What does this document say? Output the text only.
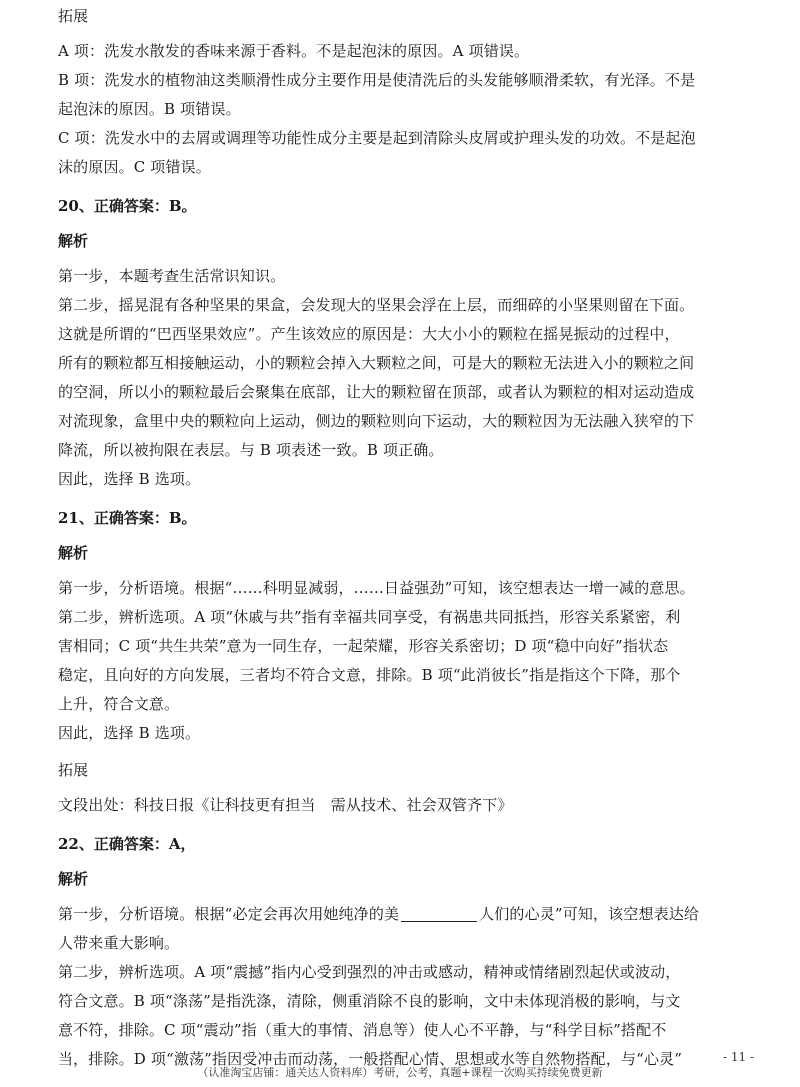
拓展
A 项：洗发水散发的香味来源于香料。不是起泡沫的原因。A 项错误。
B 项：洗发水的植物油这类顺滑性成分主要作用是使清洗后的头发能够顺滑柔软，有光泽。不是
起泡沫的原因。B 项错误。
C 项：洗发水中的去屑或调理等功能性成分主要是起到清除头皮屑或护理头发的功效。不是起泡
沫的原因。C 项错误。
20、正确答案：B。
解析
第一步，本题考查生活常识知识。
第二步，摇晃混有各种坚果的果盒，会发现大的坚果会浮在上层，而细碎的小坚果则留在下面。
这就是所谓的“巴西坚果效应”。产生该效应的原因是：大大小小的颗粒在摇晃振动的过程中，
所有的颗粒都互相接触运动，小的颗粒会掉入大颗粒之间，可是大的颗粒无法进入小的颗粒之间
的空洞，所以小的颗粒最后会聚集在底部，让大的颗粒留在顶部，或者认为颗粒的相对运动造成
对流现象，盒里中央的颗粒向上运动，侧边的颗粒则向下运动，大的颗粒因为无法融入狭窄的下
降流，所以被拘限在表层。与 B 项表述一致。B 项正确。
因此，选择 B 选项。
21、正确答案：B。
解析
第一步，分析语境。根据“……科明显减弱，……日益强劲”可知，该空想表达一增一减的意思。
第二步，辨析选项。A 项“休戚与共”指有幸福共同享受，有祸患共同抵挡，形容关系紧密，利
害相同；C 项“共生共荣”意为一同生存，一起荣耀，形容关系密切；D 项“稳中向好”指状态
稳定，且向好的方向发展，三者均不符合文意，排除。B 项“此消彼长”指是指这个下降，那个
上升，符合文意。
因此，选择 B 选项。
拓展
文段出处：科技日报《让科技更有担当　需从技术、社会双管齐下》
22、正确答案：A，
解析
第一步，分析语境。根据“必定会再次用她纯净的美	人们的心灵”可知，该空想表达给
人带来重大影响。
第二步，辨析选项。A 项“震撼”指内心受到强烈的冲击或感动，精神或情绪剧烈起伏或波动，
符合文意。B 项“涤荡”是指洗涤，清除，侧重消除不良的影响，文中未体现消极的影响，与文
意不符，排除。C 项“震动”指（重大的事情、消息等）使人心不平静，与“科学目标”搭配不
当，排除。D 项“激荡”指因受冲击而动荡，一般搭配心情、思想或水等自然物搭配，与“心灵”	- 11 -
（认准淘宝店铺：通关达人资料库）考研，公考，真题+课程一次购买持续免费更新
